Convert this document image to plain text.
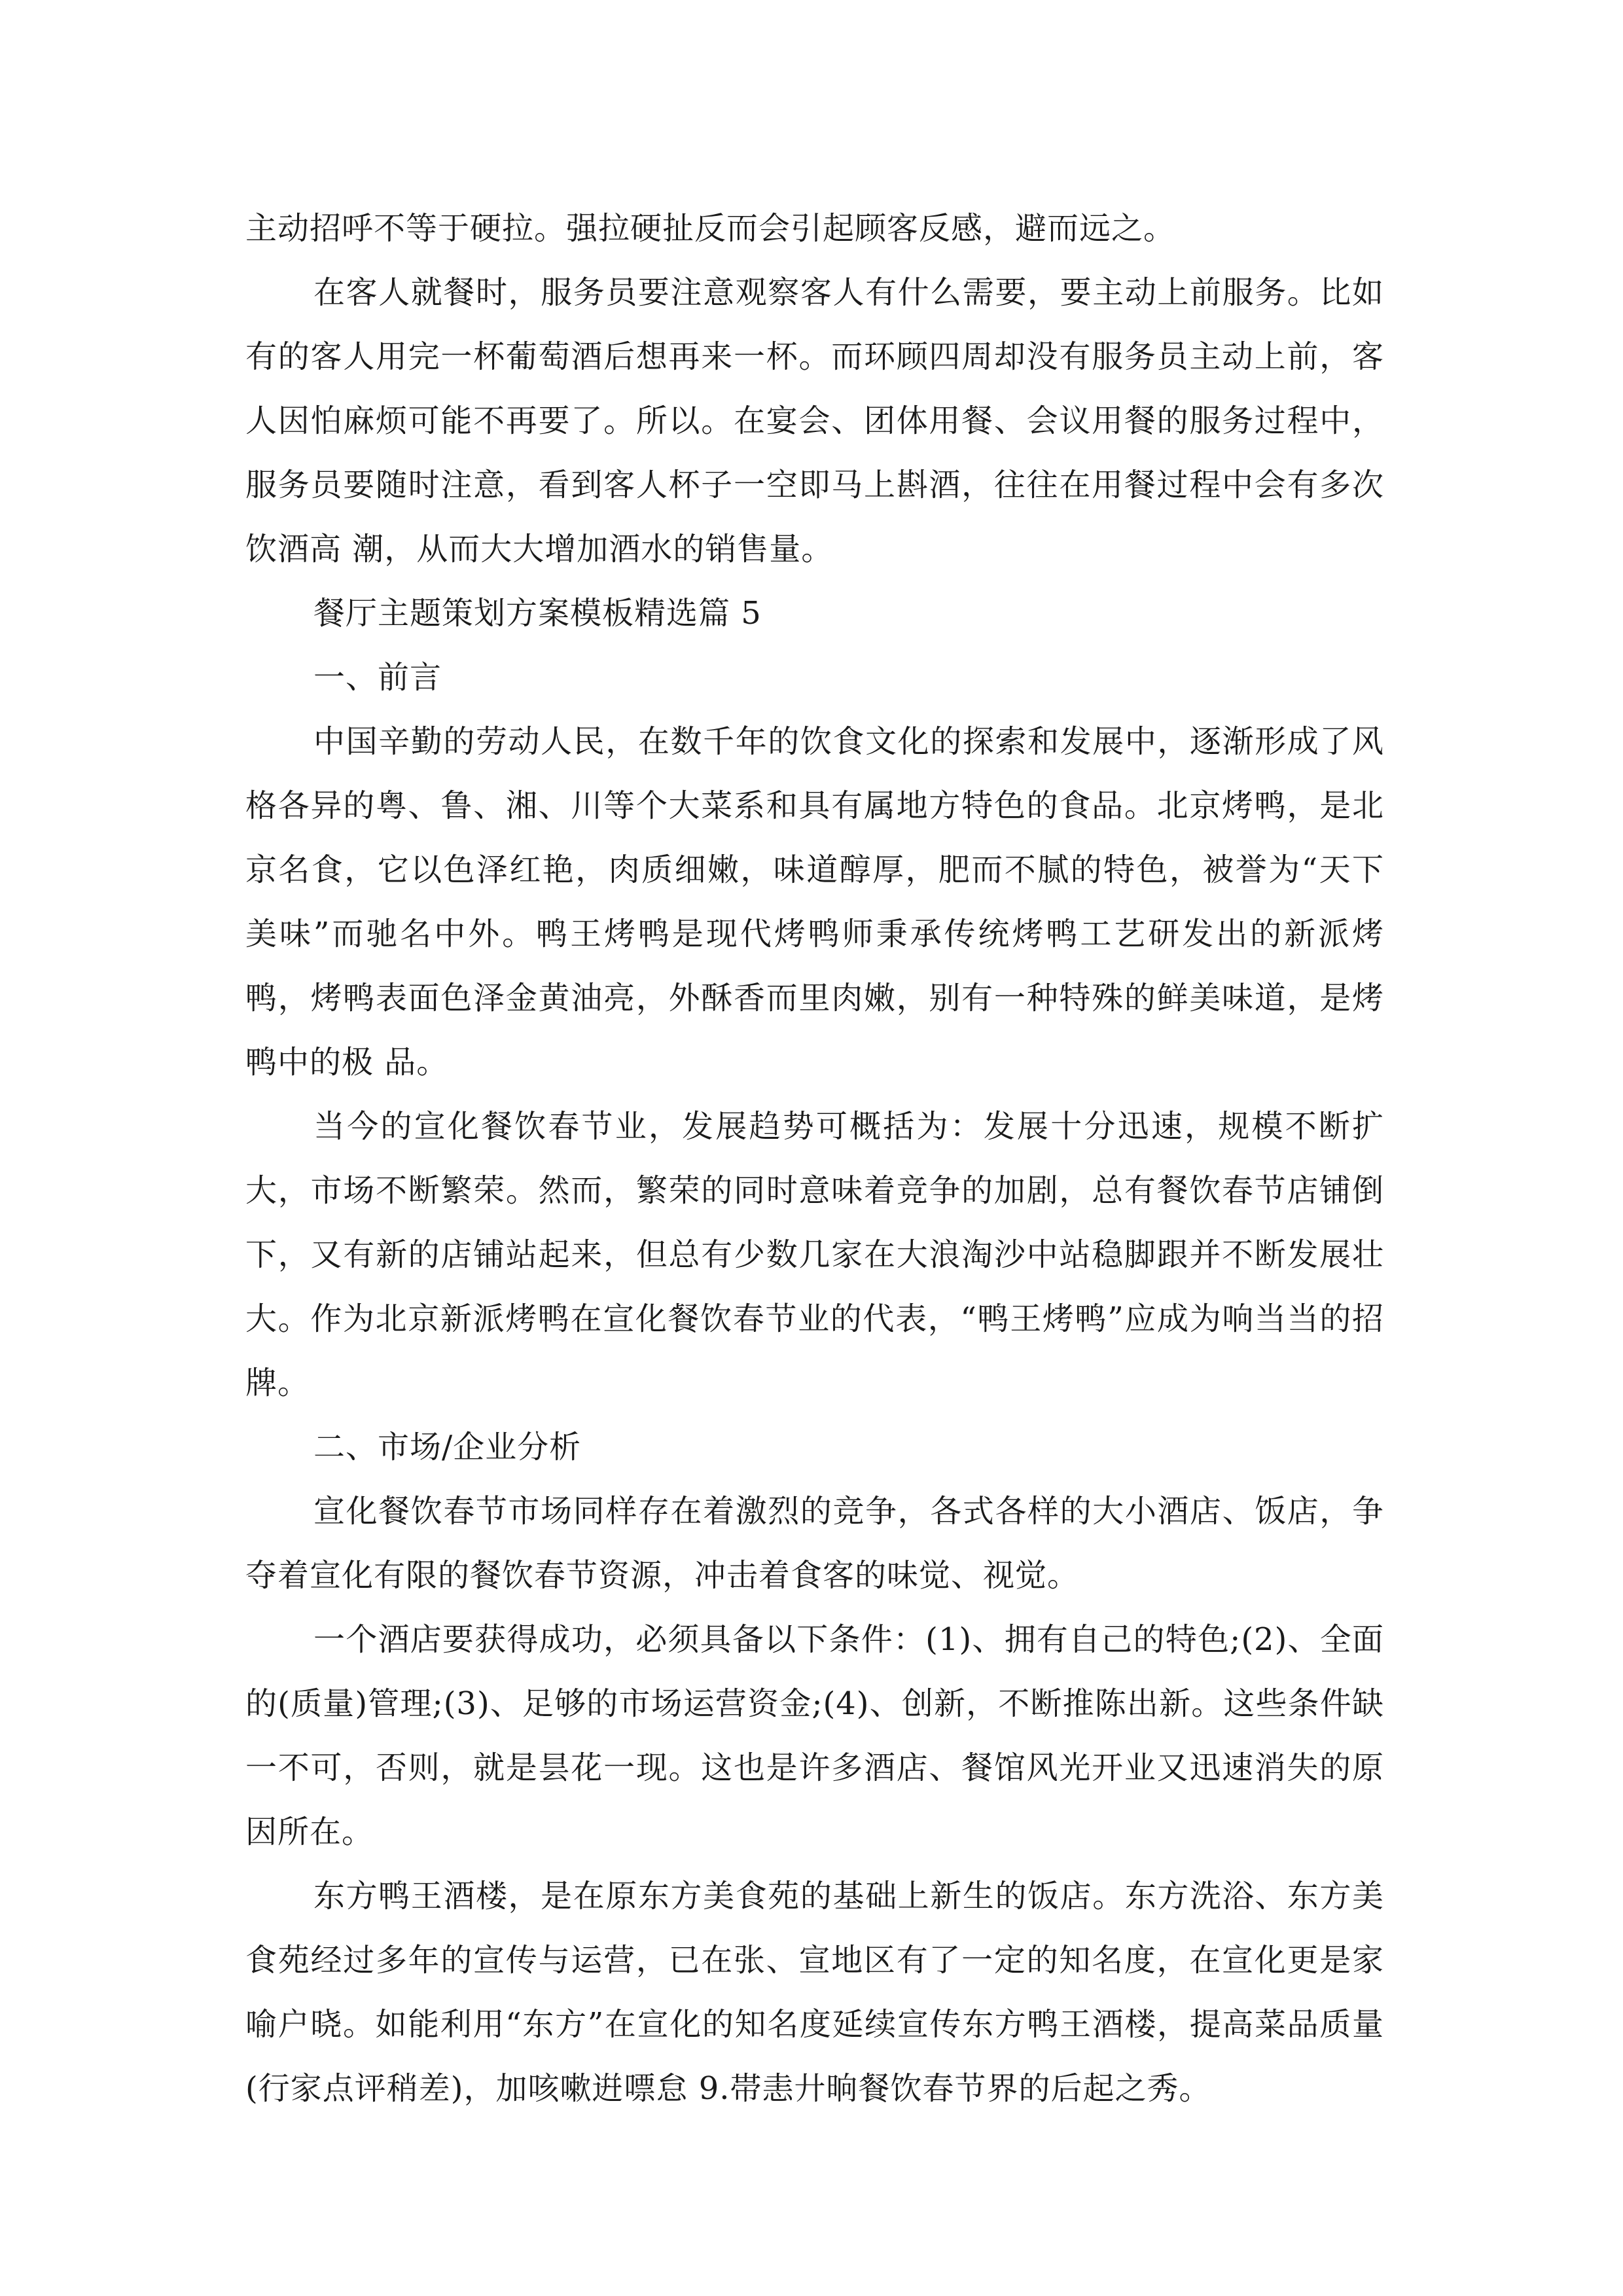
主动招呼不等于硬拉。强拉硬扯反而会引起顾客反感，避而远之。

在客人就餐时，服务员要注意观察客人有什么需要，要主动上前服务。比如有的客人用完一杯葡萄酒后想再来一杯。而环顾四周却没有服务员主动上前，客人因怕麻烦可能不再要了。所以。在宴会、团体用餐、会议用餐的服务过程中，服务员要随时注意，看到客人杯子一空即马上斟酒，往往在用餐过程中会有多次饮酒高 潮，从而大大增加酒水的销售量。

餐厅主题策划方案模板精选篇 5

一、前言

中国辛勤的劳动人民，在数千年的饮食文化的探索和发展中，逐渐形成了风格各异的粤、鲁、湘、川等个大菜系和具有属地方特色的食品。北京烤鸭，是北京名食，它以色泽红艳，肉质细嫩，味道醇厚，肥而不腻的特色，被誉为“天下美味”而驰名中外。鸭王烤鸭是现代烤鸭师秉承传统烤鸭工艺研发出的新派烤鸭，烤鸭表面色泽金黄油亮，外酥香而里肉嫩，别有一种特殊的鲜美味道，是烤鸭中的极 品。

当今的宣化餐饮春节业，发展趋势可概括为：发展十分迅速，规模不断扩大，市场不断繁荣。然而，繁荣的同时意味着竞争的加剧，总有餐饮春节店铺倒下，又有新的店铺站起来，但总有少数几家在大浪淘沙中站稳脚跟并不断发展壮大。作为北京新派烤鸭在宣化餐饮春节业的代表，“鸭王烤鸭”应成为响当当的招牌。

二、市场/企业分析

宣化餐饮春节市场同样存在着激烈的竞争，各式各样的大小酒店、饭店，争夺着宣化有限的餐饮春节资源，冲击着食客的味觉、视觉。

一个酒店要获得成功，必须具备以下条件：(1)、拥有自己的特色;(2)、全面的(质量)管理;(3)、足够的市场运营资金;(4)、创新，不断推陈出新。这些条件缺一不可，否则，就是昙花一现。这也是许多酒店、餐馆风光开业又迅速消失的原因所在。

东方鸭王酒楼，是在原东方美食苑的基础上新生的饭店。东方洗浴、东方美食苑经过多年的宣传与运营，已在张、宣地区有了一定的知名度，在宣化更是家喻户晓。如能利用“东方”在宣化的知名度延续宣传东方鸭王酒楼，提高菜品质量(行家点评稍差)，加咳嗽逬嘌怠 9.帯恚廾晌餐饮春节界的后起之秀。
